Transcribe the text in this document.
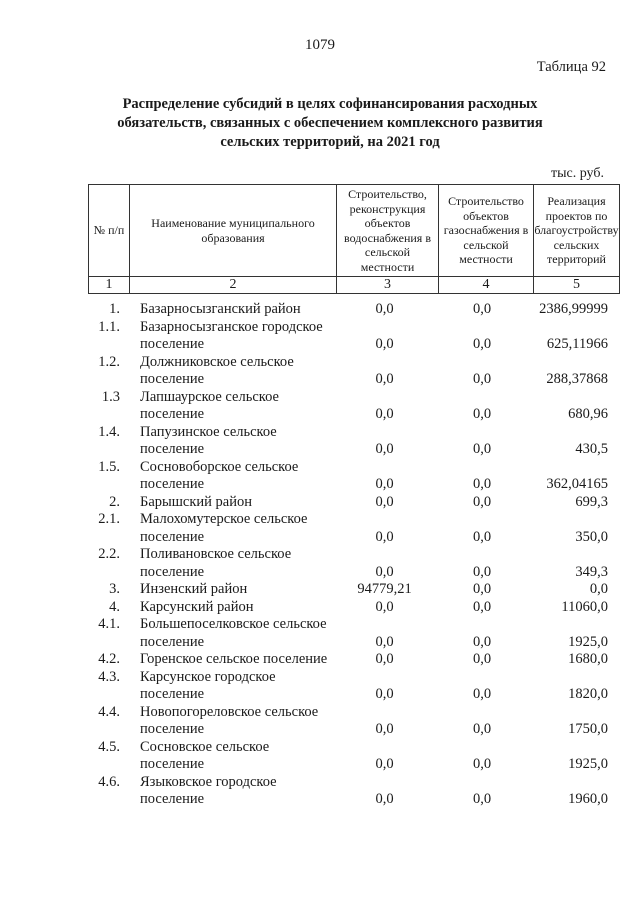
1079
Таблица 92
Распределение субсидий в целях софинансирования расходных обязательств, связанных с обеспечением комплексного развития сельских территорий, на 2021 год
тыс. руб.
№ п/п	Наименование муниципального образования	Строительство, реконструкция объектов водоснабжения в сельской местности	Строительство объектов газоснабжения в сельской местности	Реализация проектов по благоустройству сельских территорий
1	2	3	4	5
1.	Базарносызганский район	0,0	0,0	2386,99999
1.1.	Базарносызганское городское поселение	0,0	0,0	625,11966
1.2.	Должниковское сельское поселение	0,0	0,0	288,37868
1.3	Лапшаурское сельское поселение	0,0	0,0	680,96
1.4.	Папузинское сельское поселение	0,0	0,0	430,5
1.5.	Сосновоборское сельское поселение	0,0	0,0	362,04165
2.	Барышский район	0,0	0,0	699,3
2.1.	Малохомутерское сельское поселение	0,0	0,0	350,0
2.2.	Поливановское сельское поселение	0,0	0,0	349,3
3.	Инзенский район	94779,21	0,0	0,0
4.	Карсунский район	0,0	0,0	11060,0
4.1.	Большепоселковское сельское поселение	0,0	0,0	1925,0
4.2.	Горенское сельское поселение	0,0	0,0	1680,0
4.3.	Карсунское городское поселение	0,0	0,0	1820,0
4.4.	Новопогореловское сельское поселение	0,0	0,0	1750,0
4.5.	Сосновское сельское поселение	0,0	0,0	1925,0
4.6.	Языковское городское поселение	0,0	0,0	1960,0
